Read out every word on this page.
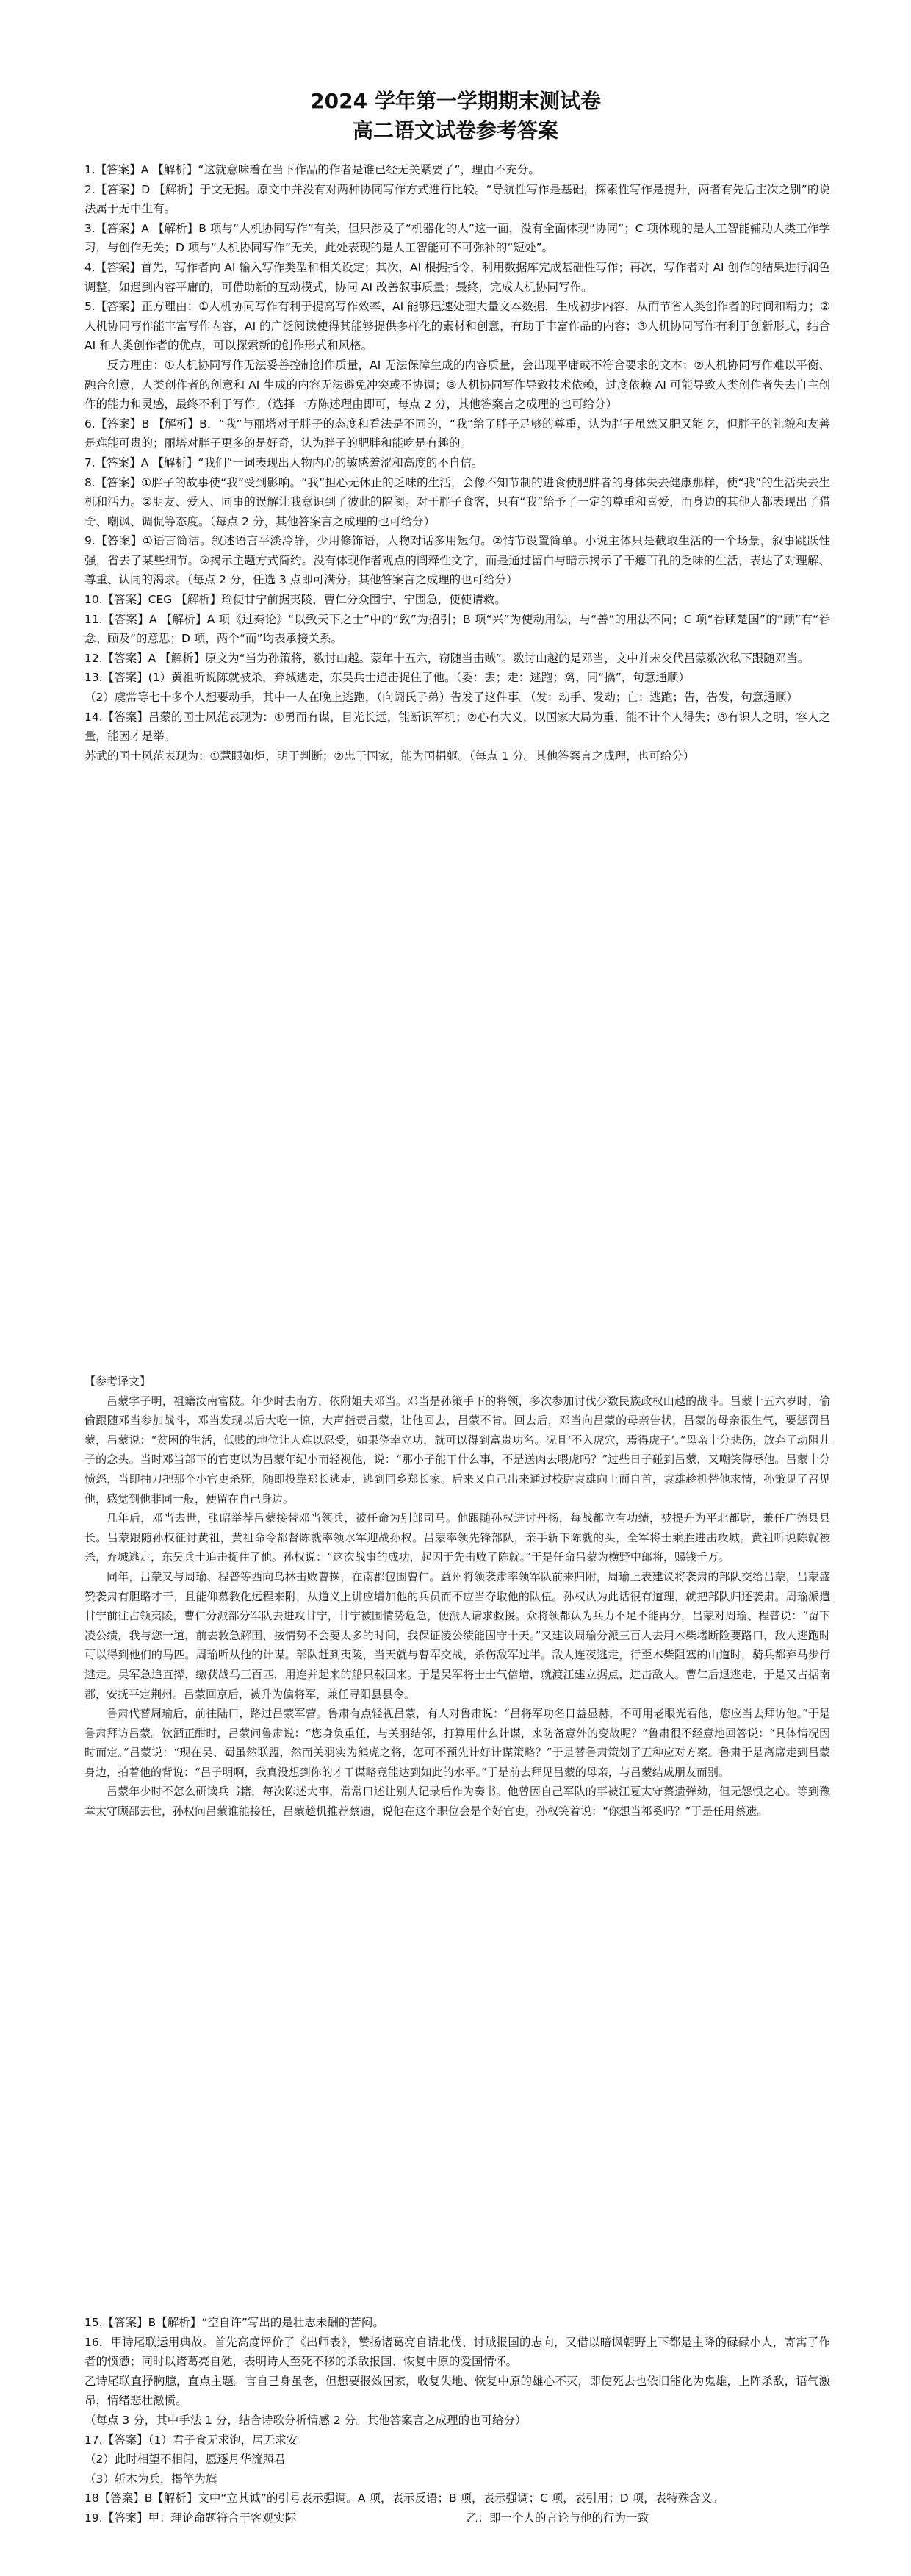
2024 学年第一学期期末测试卷
高二语文试卷参考答案

1.【答案】A 【解析】“这就意味着在当下作品的作者是谁已经无关紧要了”，理由不充分。

2.【答案】D 【解析】于文无据。原文中并没有对两种协同写作方式进行比较。“导航性写作是基础，探索性写作是提升，两者有先后主次之别”的说法属于无中生有。

3.【答案】A 【解析】B 项与“人机协同写作”有关，但只涉及了“机器化的人”这一面，没有全面体现“协同”；C 项体现的是人工智能辅助人类工作学习，与创作无关；D 项与“人机协同写作”无关，此处表现的是人工智能可不可弥补的“短处”。

4.【答案】首先，写作者向 AI 输入写作类型和相关设定；其次，AI 根据指令，利用数据库完成基础性写作；再次，写作者对 AI 创作的结果进行润色调整，如遇到内容平庸的，可借助新的互动模式，协同 AI 改善叙事质量；最终，完成人机协同写作。

5.【答案】正方理由：①人机协同写作有利于提高写作效率，AI 能够迅速处理大量文本数据，生成初步内容，从而节省人类创作者的时间和精力；②人机协同写作能丰富写作内容，AI 的广泛阅读使得其能够提供多样化的素材和创意，有助于丰富作品的内容；③人机协同写作有利于创新形式，结合 AI 和人类创作者的优点，可以探索新的创作形式和风格。

反方理由：①人机协同写作无法妥善控制创作质量，AI 无法保障生成的内容质量，会出现平庸或不符合要求的文本；②人机协同写作难以平衡、融合创意，人类创作者的创意和 AI 生成的内容无法避免冲突或不协调；③人机协同写作导致技术依赖，过度依赖 AI 可能导致人类创作者失去自主创作的能力和灵感，最终不利于写作。（选择一方陈述理由即可，每点 2 分，其他答案言之成理的也可给分）

6.【答案】B 【解析】B．“我”与丽塔对于胖子的态度和看法是不同的，“我”给了胖子足够的尊重，认为胖子虽然又肥又能吃，但胖子的礼貌和友善是难能可贵的；丽塔对胖子更多的是好奇，认为胖子的肥胖和能吃是有趣的。

7.【答案】A 【解析】“我们”一词表现出人物内心的敏感羞涩和高度的不自信。

8.【答案】①胖子的故事使“我”受到影响。“我”担心无休止的乏味的生活，会像不知节制的进食使肥胖者的身体失去健康那样，使“我”的生活失去生机和活力。②朋友、爱人、同事的误解让我意识到了彼此的隔阂。对于胖子食客，只有“我”给予了一定的尊重和喜爱，而身边的其他人都表现出了猎奇、嘲讽、调侃等态度。（每点 2 分，其他答案言之成理的也可给分）

9.【答案】①语言简洁。叙述语言平淡冷静，少用修饰语，人物对话多用短句。②情节设置简单。小说主体只是截取生活的一个场景，叙事跳跃性强，省去了某些细节。③揭示主题方式简约。没有体现作者观点的阐释性文字，而是通过留白与暗示揭示了干瘪百孔的乏味的生活，表达了对理解、尊重、认同的渴求。（每点 2 分，任选 3 点即可满分。其他答案言之成理的也可给分）

10.【答案】CEG 【解析】瑜使甘宁前据夷陵，曹仁分众围宁，宁围急，使使请救。

11.【答案】A 【解析】A 项《过秦论》“以致天下之士”中的“致”为招引；B 项“兴”为使动用法，与“善”的用法不同；C 项“眷顾楚国”的“顾”有“眷念、顾及”的意思；D 项，两个“而”均表承接关系。

12.【答案】A 【解析】原文为“当为孙策将，数讨山越。蒙年十五六，窃随当击贼”。数讨山越的是邓当，文中并未交代吕蒙数次私下跟随邓当。

13.【答案】(1）黄祖听说陈就被杀，弃城逃走，东吴兵士追击捉住了他。（委：丢；走：逃跑；禽，同“擒”，句意通顺）

（2）虞常等七十多个人想要动手，其中一人在晚上逃跑，（向阏氏子弟）告发了这件事。（发：动手、发动；亡：逃跑；告，告发，句意通顺）

14.【答案】吕蒙的国士风范表现为：①勇而有谋，目光长远，能断识军机；②心有大义，以国家大局为重，能不计个人得失；③有识人之明，容人之量，能因才是举。

苏武的国士风范表现为：①慧眼如炬，明于判断；②忠于国家，能为国捐躯。（每点 1 分。其他答案言之成理，也可给分）

【参考译文】

吕蒙字子明，祖籍汝南富陂。年少时去南方，依附姐夫邓当。邓当是孙策手下的将领，多次参加讨伐少数民族政权山越的战斗。吕蒙十五六岁时，偷偷跟随邓当参加战斗，邓当发现以后大吃一惊，大声指责吕蒙，让他回去，吕蒙不肯。回去后，邓当向吕蒙的母亲告状，吕蒙的母亲很生气，要惩罚吕蒙，吕蒙说：“贫困的生活，低贱的地位让人难以忍受，如果侥幸立功，就可以得到富贵功名。况且‘不入虎穴，焉得虎子’。”母亲十分悲伤，放弃了动阻儿子的念头。当时邓当部下的官吏以为吕蒙年纪小而轻视他，说：“那小子能干什么事，不是送肉去喂虎吗？”过些日子碰到吕蒙，又嘲笑侮辱他。吕蒙十分愤怒，当即抽刀把那个小官吏杀死，随即投靠郑长逃走，逃到同乡郑长家。后来又自己出来通过校尉袁雄向上面自首，袁雄趁机替他求情，孙策见了召见他，感觉到他非同一般，便留在自己身边。

几年后，邓当去世，张昭举荐吕蒙接替邓当领兵，被任命为别部司马。他跟随孙权进讨丹杨，每战都立有功绩，被提升为平北都尉，兼任广德县县长。吕蒙跟随孙权征讨黄祖，黄祖命令都督陈就率领水军迎战孙权。吕蒙率领先锋部队，亲手斩下陈就的头，全军将士乘胜进击攻城。黄祖听说陈就被杀，弃城逃走，东吴兵士追击捉住了他。孙权说：“这次战事的成功，起因于先击败了陈就。”于是任命吕蒙为横野中郎将，赐钱千万。

同年，吕蒙又与周瑜、程普等西向乌林击败曹操，在南郡包围曹仁。益州将领袭肃率领军队前来归附，周瑜上表建议将袭肃的部队交给吕蒙，吕蒙盛赞袭肃有胆略才干，且能仰慕教化远程来附，从道义上讲应增加他的兵员而不应当夺取他的队伍。孙权认为此话很有道理，就把部队归还袭肃。周瑜派遣甘宁前往占领夷陵，曹仁分派部分军队去进攻甘宁，甘宁被围情势危急，便派人请求救援。众将领都认为兵力不足不能再分，吕蒙对周瑜、程普说：“留下凌公绩，我与您一道，前去救急解围，按情势不会要太多的时间，我保证凌公绩能固守十天。”又建议周瑜分派三百人去用木柴堵断险要路口，敌人逃跑时可以得到他们的马匹。周瑜听从他的计谋。部队赶到夷陵，当天就与曹军交战，杀伤敌军过半。敌人连夜逃走，行至木柴阻塞的山道时，骑兵都弃马步行逃走。吴军急追直撵，缴获战马三百匹，用连并起来的船只载回来。于是吴军将士士气倍增，就渡江建立据点，进击敌人。曹仁后退逃走，于是又占据南郡，安抚平定荆州。吕蒙回京后，被升为偏将军，兼任寻阳县县令。

鲁肃代替周瑜后，前往陆口，路过吕蒙军营。鲁肃有点轻视吕蒙，有人对鲁肃说：“吕将军功名日益显赫，不可用老眼光看他，您应当去拜访他。”于是鲁肃拜访吕蒙。饮酒正酣时，吕蒙问鲁肃说：“您身负重任，与关羽结邻，打算用什么计谋，来防备意外的变故呢？”鲁肃很不经意地回答说：“具体情况因时而定。”吕蒙说：“现在吴、蜀虽然联盟，然而关羽实为熊虎之将，怎可不预先计好计谋策略？”于是替鲁肃策划了五种应对方案。鲁肃于是离席走到吕蒙身边，拍着他的背说：“吕子明啊，我真没想到你的才干谋略竟能达到如此的水平。”于是前去拜见吕蒙的母亲，与吕蒙结成朋友而别。

吕蒙年少时不怎么研读兵书籍，每次陈述大事，常常口述让别人记录后作为奏书。他曾因自己军队的事被江夏太守蔡遗弹劾，但无怨恨之心。等到豫章太守顾邵去世，孙权问吕蒙谁能接任，吕蒙趁机推荐蔡遗，说他在这个职位会是个好官吏，孙权笑着说：“你想当祁奚吗？”于是任用蔡遗。

15.【答案】B【解析】“空自许”写出的是壮志未酬的苦闷。

16．甲诗尾联运用典故。首先高度评价了《出师表》，赞扬诸葛亮自请北伐、讨贼报国的志向，又借以暗讽朝野上下都是主降的碌碌小人，寄寓了作者的愤懑；同时以诸葛亮自勉，表明诗人至死不移的杀敌报国、恢复中原的爱国情怀。

乙诗尾联直抒胸臆，直点主题。言自己身虽老，但想要报效国家，收复失地、恢复中原的雄心不灭，即使死去也依旧能化为鬼雄，上阵杀敌，语气激昂，情绪悲壮激愤。

（每点 3 分，其中手法 1 分，结合诗歌分析情感 2 分。其他答案言之成理的也可给分）

17.【答案】（1）君子食无求饱，居无求安

（2）此时相望不相闻，愿逐月华流照君

（3）斩木为兵，揭竿为旗

18【答案】B【解析】文中“立其诚”的引号表示强调。A 项，表示反语；B 项，表示强调；C 项，表引用；D 项，表特殊含义。

19.【答案】甲：理论命题符合于客观实际	乙：即一个人的言论与他的行为一致
